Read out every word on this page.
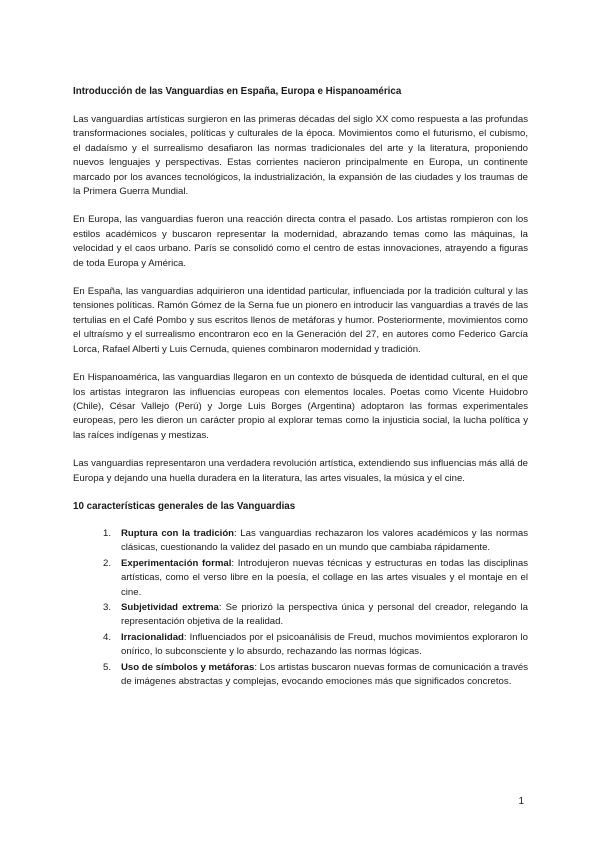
Introducción de las Vanguardias en España, Europa e Hispanoamérica

Las vanguardias artísticas surgieron en las primeras décadas del siglo XX como respuesta a las profundas transformaciones sociales, políticas y culturales de la época. Movimientos como el futurismo, el cubismo, el dadaísmo y el surrealismo desafiaron las normas tradicionales del arte y la literatura, proponiendo nuevos lenguajes y perspectivas. Estas corrientes nacieron principalmente en Europa, un continente marcado por los avances tecnológicos, la industrialización, la expansión de las ciudades y los traumas de la Primera Guerra Mundial.

En Europa, las vanguardias fueron una reacción directa contra el pasado. Los artistas rompieron con los estilos académicos y buscaron representar la modernidad, abrazando temas como las máquinas, la velocidad y el caos urbano. París se consolidó como el centro de estas innovaciones, atrayendo a figuras de toda Europa y América.

En España, las vanguardias adquirieron una identidad particular, influenciada por la tradición cultural y las tensiones políticas. Ramón Gómez de la Serna fue un pionero en introducir las vanguardias a través de las tertulias en el Café Pombo y sus escritos llenos de metáforas y humor. Posteriormente, movimientos como el ultraísmo y el surrealismo encontraron eco en la Generación del 27, en autores como Federico García Lorca, Rafael Alberti y Luis Cernuda, quienes combinaron modernidad y tradición.

En Hispanoamérica, las vanguardias llegaron en un contexto de búsqueda de identidad cultural, en el que los artistas integraron las influencias europeas con elementos locales. Poetas como Vicente Huidobro (Chile), César Vallejo (Perú) y Jorge Luis Borges (Argentina) adoptaron las formas experimentales europeas, pero les dieron un carácter propio al explorar temas como la injusticia social, la lucha política y las raíces indígenas y mestizas.

Las vanguardias representaron una verdadera revolución artística, extendiendo sus influencias más allá de Europa y dejando una huella duradera en la literatura, las artes visuales, la música y el cine.

10 características generales de las Vanguardias
1. Ruptura con la tradición: Las vanguardias rechazaron los valores académicos y las normas clásicas, cuestionando la validez del pasado en un mundo que cambiaba rápidamente.
2. Experimentación formal: Introdujeron nuevas técnicas y estructuras en todas las disciplinas artísticas, como el verso libre en la poesía, el collage en las artes visuales y el montaje en el cine.
3. Subjetividad extrema: Se priorizó la perspectiva única y personal del creador, relegando la representación objetiva de la realidad.
4. Irracionalidad: Influenciados por el psicoanálisis de Freud, muchos movimientos exploraron lo onírico, lo subconsciente y lo absurdo, rechazando las normas lógicas.
5. Uso de símbolos y metáforas: Los artistas buscaron nuevas formas de comunicación a través de imágenes abstractas y complejas, evocando emociones más que significados concretos.
1
